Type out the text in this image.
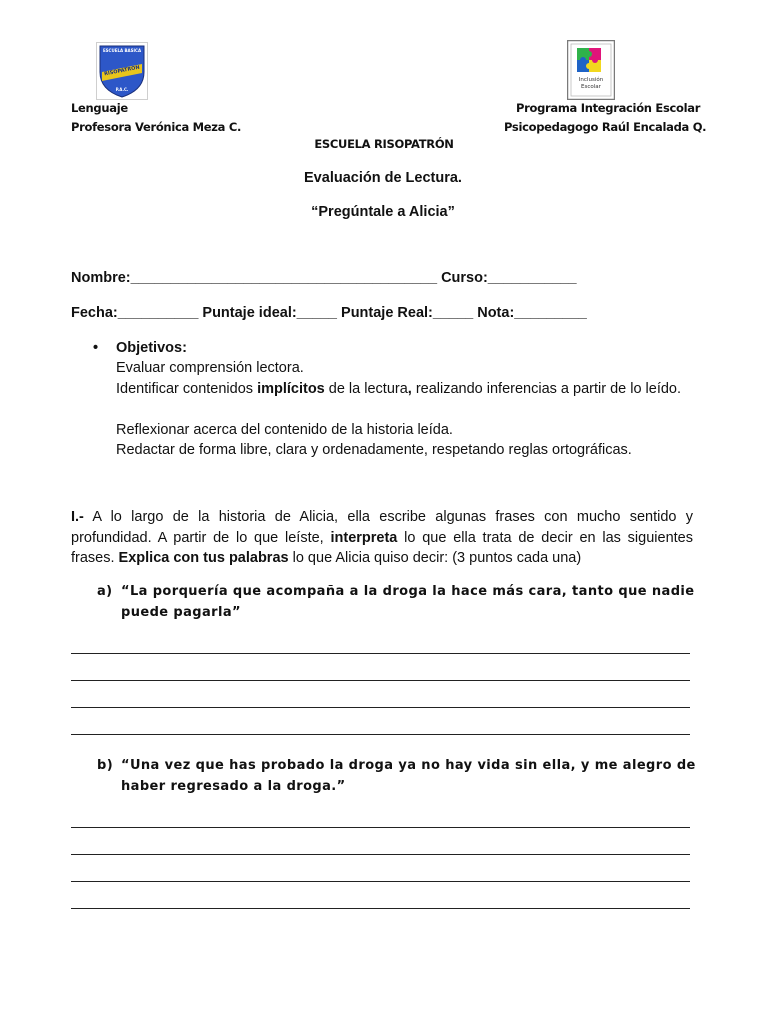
ESCUELA BASICA
RISOPATRON
P.A.C.
Inclusión Escolar
Lenguaje
Profesora Verónica Meza C.
Programa Integración Escolar
Psicopedagogo Raúl Encalada Q.
ESCUELA RISOPATRÓN
Evaluación de Lectura.
“Pregúntale a Alicia”
Nombre:______________________________________ Curso:___________
Fecha:__________ Puntaje ideal:_____ Puntaje Real:_____ Nota:_________
• Objetivos:
Evaluar comprensión lectora.
Identificar contenidos implícitos de la lectura, realizando inferencias a partir de lo leído.
Reflexionar acerca del contenido de la historia leída.
Redactar de forma libre, clara y ordenadamente, respetando reglas ortográficas.
I.- A lo largo de la historia de Alicia, ella escribe algunas frases con mucho sentido y profundidad. A partir de lo que leíste, interpreta lo que ella trata de decir en las siguientes frases. Explica con tus palabras lo que Alicia quiso decir: (3 puntos cada una)
a) “La porquería que acompaña a la droga la hace más cara, tanto que nadie
puede pagarla”
b) “Una vez que has probado la droga ya no hay vida sin ella, y me alegro de
haber regresado a la droga.”
